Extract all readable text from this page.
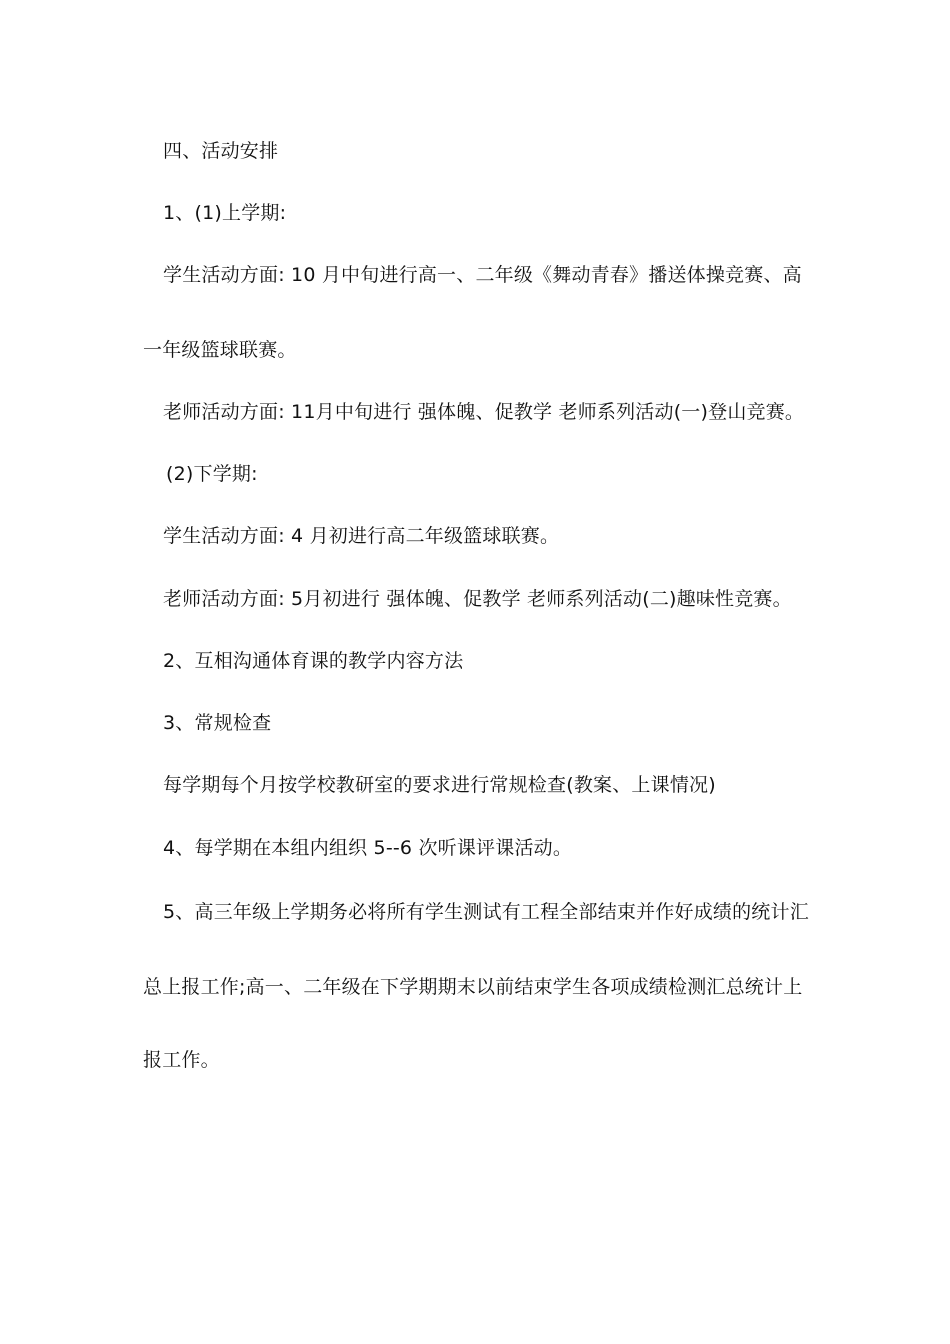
四、活动安排
1、(1)上学期:
学生活动方面: 10 月中旬进行高一、二年级《舞动青春》播送体操竞赛、高
一年级篮球联赛。
老师活动方面: 11月中旬进行 强体魄、促教学 老师系列活动(一)登山竞赛。
(2)下学期:
学生活动方面: 4 月初进行高二年级篮球联赛。
老师活动方面: 5月初进行 强体魄、促教学 老师系列活动(二)趣味性竞赛。
2、互相沟通体育课的教学内容方法
3、常规检查
每学期每个月按学校教研室的要求进行常规检查(教案、上课情况)
4、每学期在本组内组织 5--6 次听课评课活动。
5、高三年级上学期务必将所有学生测试有工程全部结束并作好成绩的统计汇
总上报工作;高一、二年级在下学期期末以前结束学生各项成绩检测汇总统计上
报工作。
